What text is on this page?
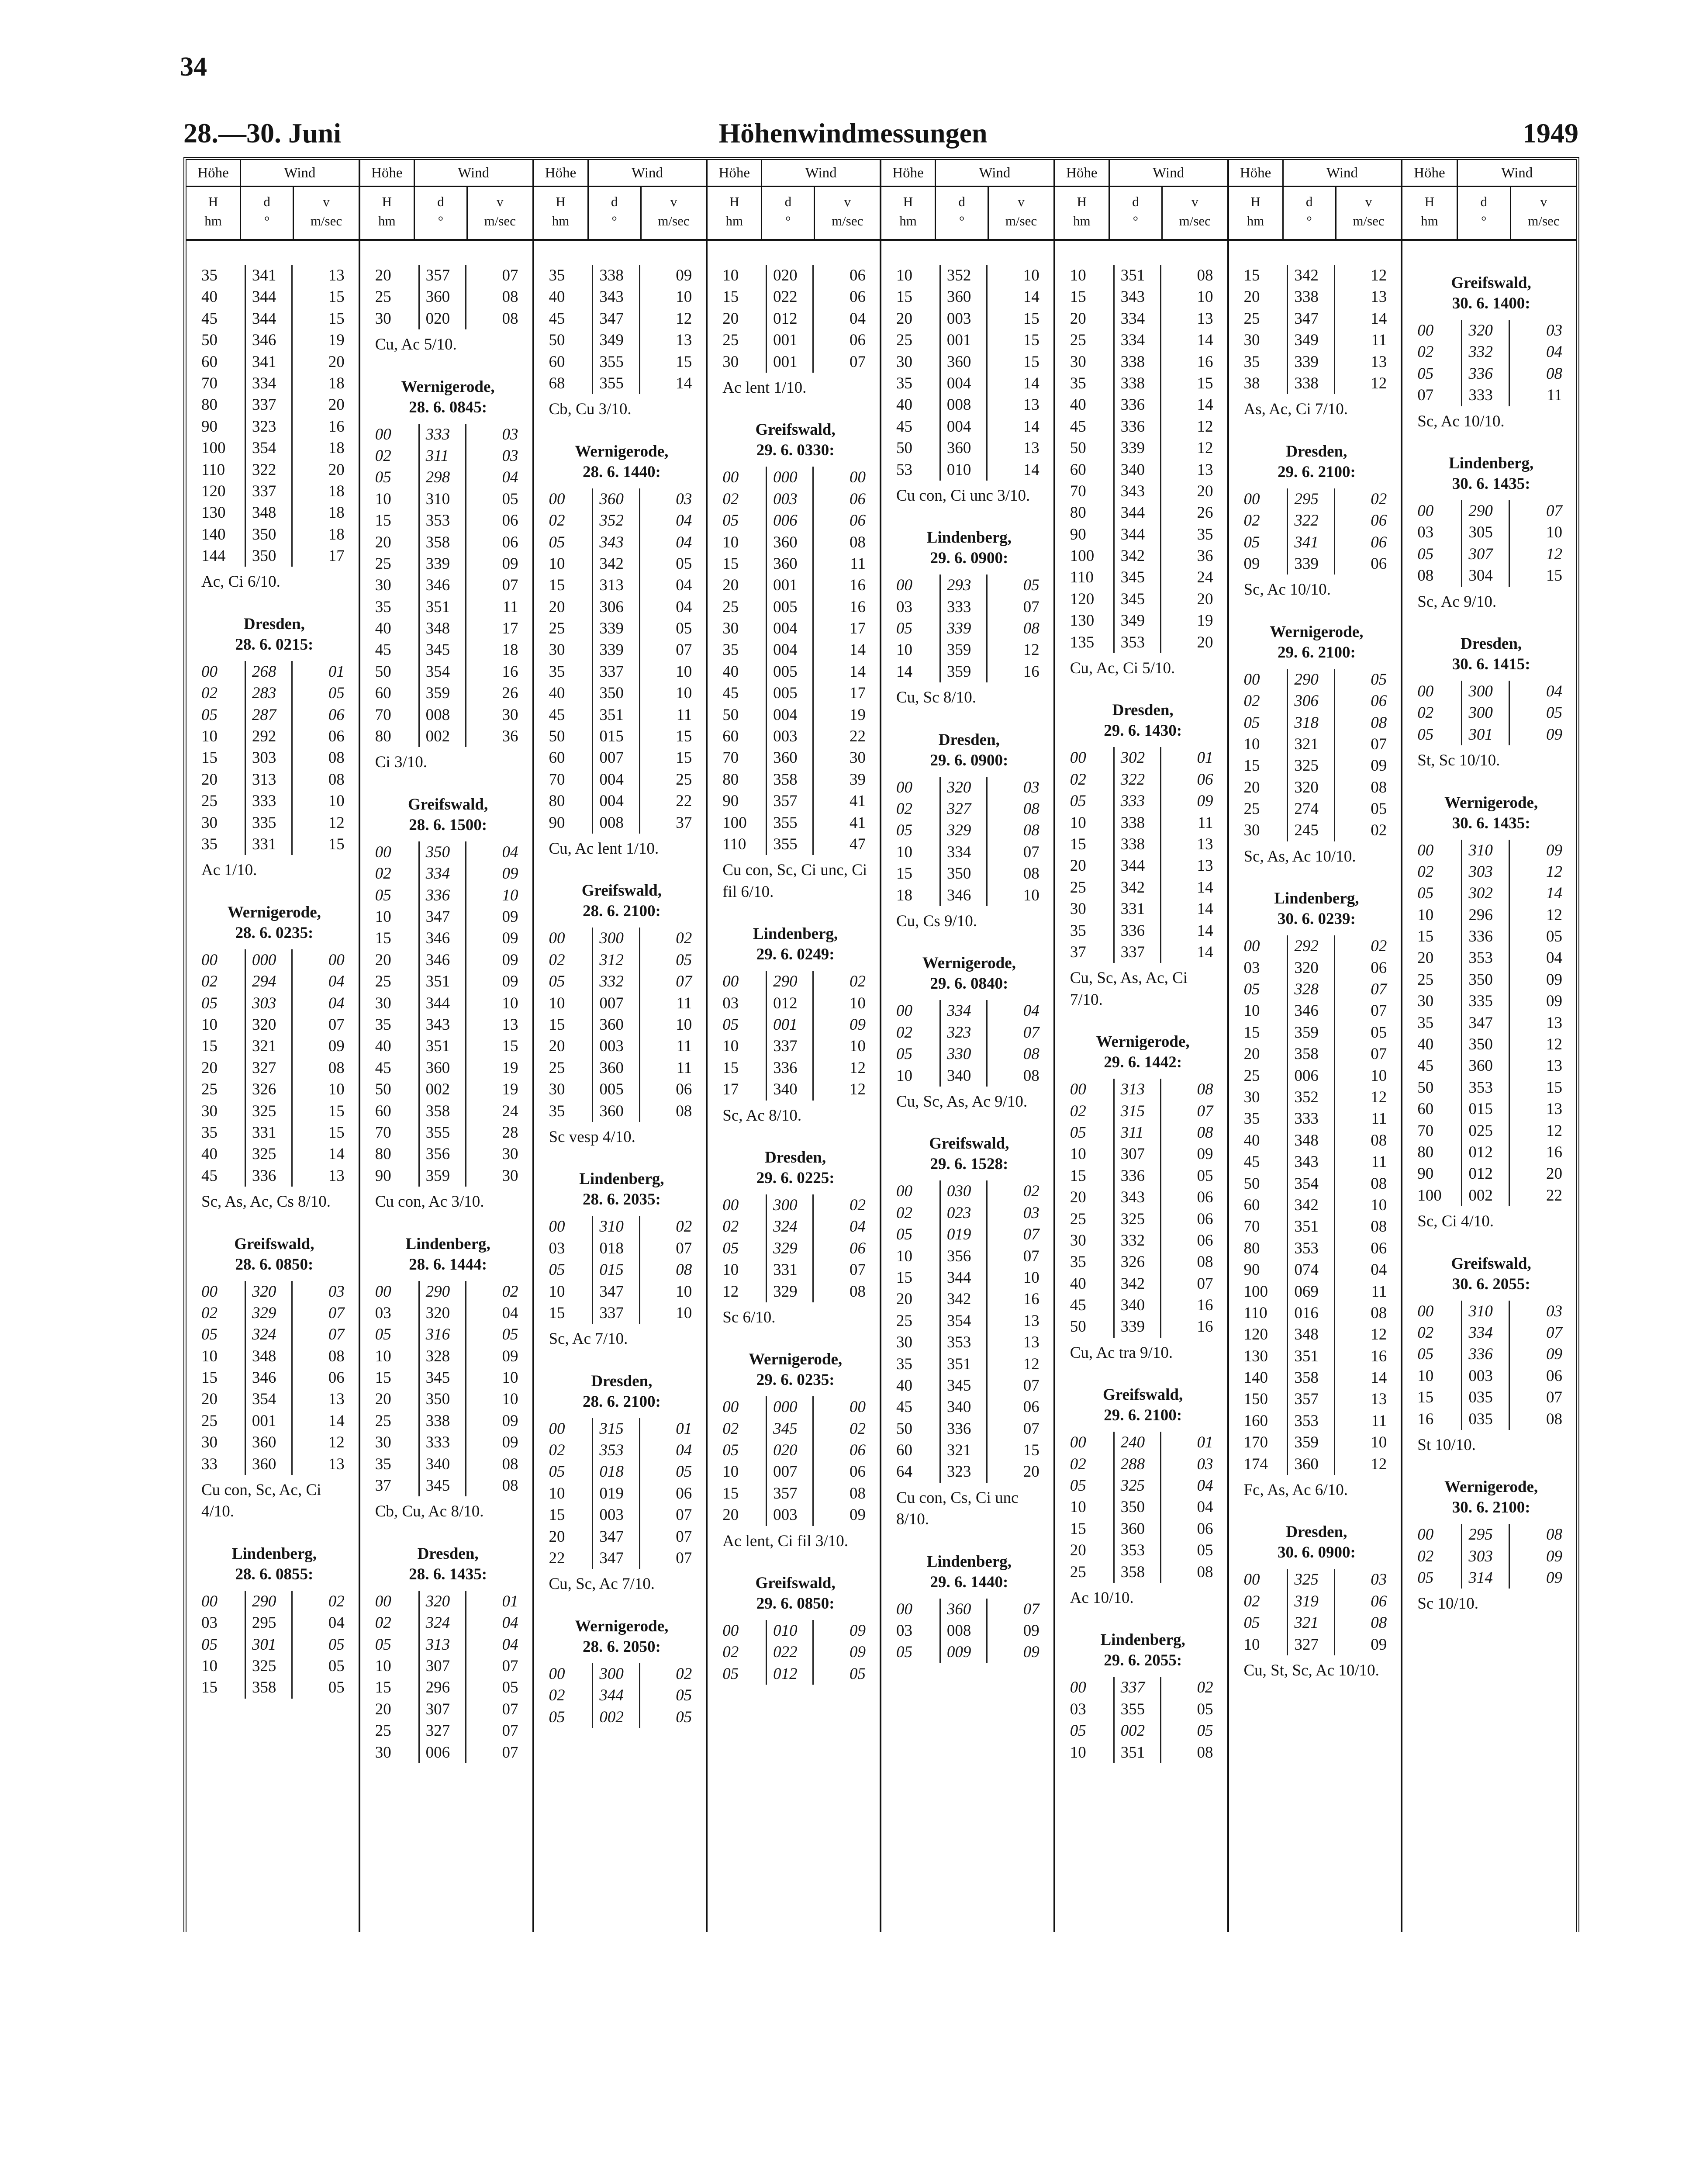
34
28.—30. Juni	Höhenwindmessungen	1949
Höhe	Wind
H
hm
d
°
v
m/sec
35	341	13
40	344	15
45	344	15
50	346	19
60	341	20
70	334	18
80	337	20
90	323	16
100	354	18
110	322	20
120	337	18
130	348	18
140	350	18
144	350	17
Ac, Ci 6/10.
Dresden,
28. 6. 0215:
00	268	01
02	283	05
05	287	06
10	292	06
15	303	08
20	313	08
25	333	10
30	335	12
35	331	15
Ac 1/10.
Wernigerode,
28. 6. 0235:
00	000	00
02	294	04
05	303	04
10	320	07
15	321	09
20	327	08
25	326	10
30	325	15
35	331	15
40	325	14
45	336	13
Sc, As, Ac, Cs 8/10.
Greifswald,
28. 6. 0850:
00	320	03
02	329	07
05	324	07
10	348	08
15	346	06
20	354	13
25	001	14
30	360	12
33	360	13
Cu con, Sc, Ac, Ci 4/10.
Lindenberg,
28. 6. 0855:
00	290	02
03	295	04
05	301	05
10	325	05
15	358	05
Höhe	Wind
H
hm
d
°
v
m/sec
20	357	07
25	360	08
30	020	08
Cu, Ac 5/10.
Wernigerode,
28. 6. 0845:
00	333	03
02	311	03
05	298	04
10	310	05
15	353	06
20	358	06
25	339	09
30	346	07
35	351	11
40	348	17
45	345	18
50	354	16
60	359	26
70	008	30
80	002	36
Ci 3/10.
Greifswald,
28. 6. 1500:
00	350	04
02	334	09
05	336	10
10	347	09
15	346	09
20	346	09
25	351	09
30	344	10
35	343	13
40	351	15
45	360	19
50	002	19
60	358	24
70	355	28
80	356	30
90	359	30
Cu con, Ac 3/10.
Lindenberg,
28. 6. 1444:
00	290	02
03	320	04
05	316	05
10	328	09
15	345	10
20	350	10
25	338	09
30	333	09
35	340	08
37	345	08
Cb, Cu, Ac 8/10.
Dresden,
28. 6. 1435:
00	320	01
02	324	04
05	313	04
10	307	07
15	296	05
20	307	07
25	327	07
30	006	07
Höhe	Wind
H
hm
d
°
v
m/sec
35	338	09
40	343	10
45	347	12
50	349	13
60	355	15
68	355	14
Cb, Cu 3/10.
Wernigerode,
28. 6. 1440:
00	360	03
02	352	04
05	343	04
10	342	05
15	313	04
20	306	04
25	339	05
30	339	07
35	337	10
40	350	10
45	351	11
50	015	15
60	007	15
70	004	25
80	004	22
90	008	37
Cu, Ac lent 1/10.
Greifswald,
28. 6. 2100:
00	300	02
02	312	05
05	332	07
10	007	11
15	360	10
20	003	11
25	360	11
30	005	06
35	360	08
Sc vesp 4/10.
Lindenberg,
28. 6. 2035:
00	310	02
03	018	07
05	015	08
10	347	10
15	337	10
Sc, Ac 7/10.
Dresden,
28. 6. 2100:
00	315	01
02	353	04
05	018	05
10	019	06
15	003	07
20	347	07
22	347	07
Cu, Sc, Ac 7/10.
Wernigerode,
28. 6. 2050:
00	300	02
02	344	05
05	002	05
Höhe	Wind
H
hm
d
°
v
m/sec
10	020	06
15	022	06
20	012	04
25	001	06
30	001	07
Ac lent 1/10.
Greifswald,
29. 6. 0330:
00	000	00
02	003	06
05	006	06
10	360	08
15	360	11
20	001	16
25	005	16
30	004	17
35	004	14
40	005	14
45	005	17
50	004	19
60	003	22
70	360	30
80	358	39
90	357	41
100	355	41
110	355	47
Cu con, Sc, Ci unc, Ci fil 6/10.
Lindenberg,
29. 6. 0249:
00	290	02
03	012	10
05	001	09
10	337	10
15	336	12
17	340	12
Sc, Ac 8/10.
Dresden,
29. 6. 0225:
00	300	02
02	324	04
05	329	06
10	331	07
12	329	08
Sc 6/10.
Wernigerode,
29. 6. 0235:
00	000	00
02	345	02
05	020	06
10	007	06
15	357	08
20	003	09
Ac lent, Ci fil 3/10.
Greifswald,
29. 6. 0850:
00	010	09
02	022	09
05	012	05
Höhe	Wind
H
hm
d
°
v
m/sec
10	352	10
15	360	14
20	003	15
25	001	15
30	360	15
35	004	14
40	008	13
45	004	14
50	360	13
53	010	14
Cu con, Ci unc 3/10.
Lindenberg,
29. 6. 0900:
00	293	05
03	333	07
05	339	08
10	359	12
14	359	16
Cu, Sc 8/10.
Dresden,
29. 6. 0900:
00	320	03
02	327	08
05	329	08
10	334	07
15	350	08
18	346	10
Cu, Cs 9/10.
Wernigerode,
29. 6. 0840:
00	334	04
02	323	07
05	330	08
10	340	08
Cu, Sc, As, Ac 9/10.
Greifswald,
29. 6. 1528:
00	030	02
02	023	03
05	019	07
10	356	07
15	344	10
20	342	16
25	354	13
30	353	13
35	351	12
40	345	07
45	340	06
50	336	07
60	321	15
64	323	20
Cu con, Cs, Ci unc 8/10.
Lindenberg,
29. 6. 1440:
00	360	07
03	008	09
05	009	09
Höhe	Wind
H
hm
d
°
v
m/sec
10	351	08
15	343	10
20	334	13
25	334	14
30	338	16
35	338	15
40	336	14
45	336	12
50	339	12
60	340	13
70	343	20
80	344	26
90	344	35
100	342	36
110	345	24
120	345	20
130	349	19
135	353	20
Cu, Ac, Ci 5/10.
Dresden,
29. 6. 1430:
00	302	01
02	322	06
05	333	09
10	338	11
15	338	13
20	344	13
25	342	14
30	331	14
35	336	14
37	337	14
Cu, Sc, As, Ac, Ci 7/10.
Wernigerode,
29. 6. 1442:
00	313	08
02	315	07
05	311	08
10	307	09
15	336	05
20	343	06
25	325	06
30	332	06
35	326	08
40	342	07
45	340	16
50	339	16
Cu, Ac tra 9/10.
Greifswald,
29. 6. 2100:
00	240	01
02	288	03
05	325	04
10	350	04
15	360	06
20	353	05
25	358	08
Ac 10/10.
Lindenberg,
29. 6. 2055:
00	337	02
03	355	05
05	002	05
10	351	08
Höhe	Wind
H
hm
d
°
v
m/sec
15	342	12
20	338	13
25	347	14
30	349	11
35	339	13
38	338	12
As, Ac, Ci 7/10.
Dresden,
29. 6. 2100:
00	295	02
02	322	06
05	341	06
09	339	06
Sc, Ac 10/10.
Wernigerode,
29. 6. 2100:
00	290	05
02	306	06
05	318	08
10	321	07
15	325	09
20	320	08
25	274	05
30	245	02
Sc, As, Ac 10/10.
Lindenberg,
30. 6. 0239:
00	292	02
03	320	06
05	328	07
10	346	07
15	359	05
20	358	07
25	006	10
30	352	12
35	333	11
40	348	08
45	343	11
50	354	08
60	342	10
70	351	08
80	353	06
90	074	04
100	069	11
110	016	08
120	348	12
130	351	16
140	358	14
150	357	13
160	353	11
170	359	10
174	360	12
Fc, As, Ac 6/10.
Dresden,
30. 6. 0900:
00	325	03
02	319	06
05	321	08
10	327	09
Cu, St, Sc, Ac 10/10.
Höhe	Wind
H
hm
d
°
v
m/sec
Greifswald,
30. 6. 1400:
00	320	03
02	332	04
05	336	08
07	333	11
Sc, Ac 10/10.
Lindenberg,
30. 6. 1435:
00	290	07
03	305	10
05	307	12
08	304	15
Sc, Ac 9/10.
Dresden,
30. 6. 1415:
00	300	04
02	300	05
05	301	09
St, Sc 10/10.
Wernigerode,
30. 6. 1435:
00	310	09
02	303	12
05	302	14
10	296	12
15	336	05
20	353	04
25	350	09
30	335	09
35	347	13
40	350	12
45	360	13
50	353	15
60	015	13
70	025	12
80	012	16
90	012	20
100	002	22
Sc, Ci 4/10.
Greifswald,
30. 6. 2055:
00	310	03
02	334	07
05	336	09
10	003	06
15	035	07
16	035	08
St 10/10.
Wernigerode,
30. 6. 2100:
00	295	08
02	303	09
05	314	09
Sc 10/10.
